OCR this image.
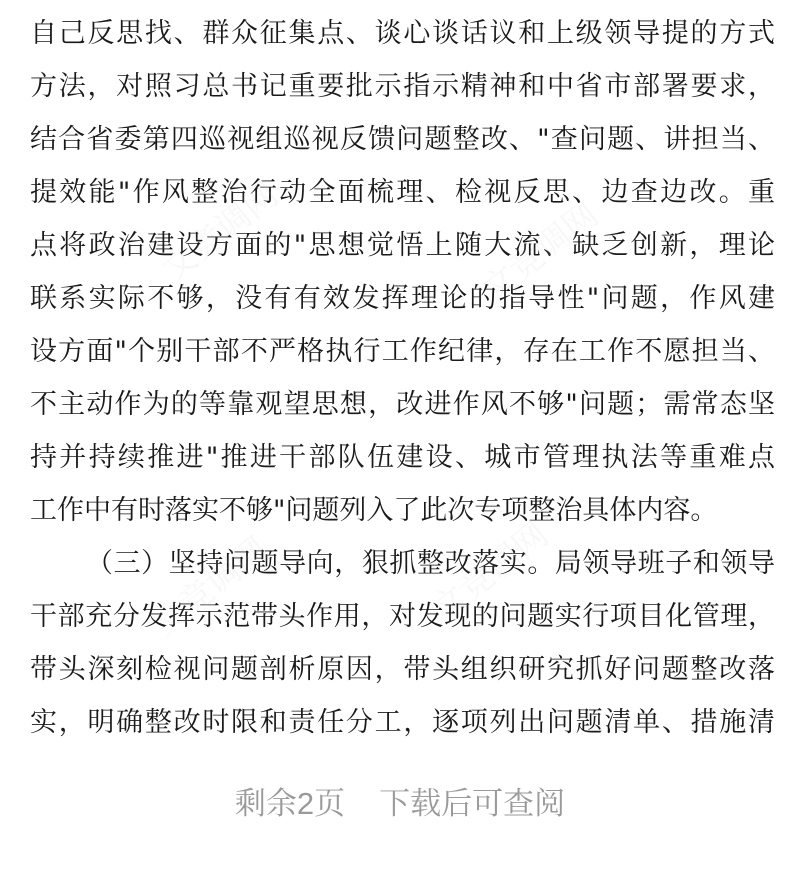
自己反思找、群众征集点、谈心谈话议和上级领导提的方式
方法，对照习总书记重要批示指示精神和中省市部署要求，
结合省委第四巡视组巡视反馈问题整改、"查问题、讲担当、
提效能"作风整治行动全面梳理、检视反思、边查边改。重
点将政治建设方面的"思想觉悟上随大流、缺乏创新，理论
联系实际不够，没有有效发挥理论的指导性"问题，作风建
设方面"个别干部不严格执行工作纪律，存在工作不愿担当、
不主动作为的等靠观望思想，改进作风不够"问题；需常态坚
持并持续推进"推进干部队伍建设、城市管理执法等重难点
工作中有时落实不够"问题列入了此次专项整治具体内容。
（三）坚持问题导向，狠抓整改落实。局领导班子和领导
干部充分发挥示范带头作用，对发现的问题实行项目化管理，
带头深刻检视问题剖析原因，带头组织研究抓好问题整改落
实，明确整改时限和责任分工，逐项列出问题清单、措施清
文竞调网	文竞调网
文竞调网	文竞调网
剩余2页 下载后可查阅
